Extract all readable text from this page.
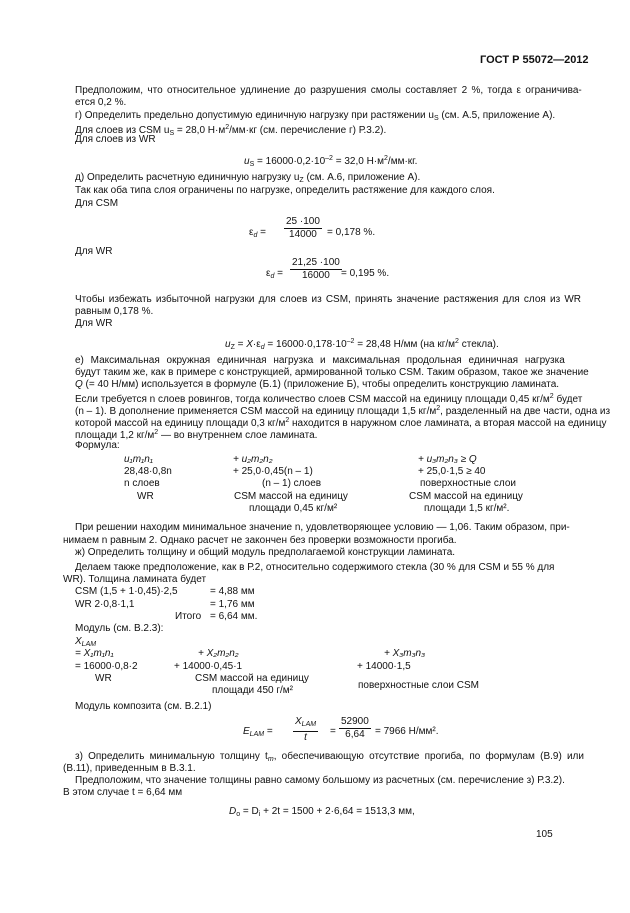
ГОСТ Р 55072—2012
Предположим, что относительное удлинение до разрушения смолы составляет 2 %, тогда ε ограничива-
ется 0,2 %.
г) Определить предельно допустимую единичную нагрузку при растяжении $u_S$ (см. А.5, приложение А).
Для слоев из CSM $u_S = 28,0$ $Н\cdot м^2/мм\cdot кг$ (см. перечисление г) Р.3.2).
Для слоев из WR
$u_S = 16000\cdot 0,2\cdot 10^{-2} = 32,0$ $Н\cdot м^2/мм\cdot кг$.
д) Определить расчетную единичную нагрузку $u_Z$ (см. А.6, приложение А).
Так как оба типа слоя ограничены по нагрузке, определить растяжение для каждого слоя.
Для CSM
$\varepsilon_d = \frac{25 \cdot 100}{14000} = 0,178$ %.
Для WR
$\varepsilon_d = \frac{21,25 \cdot 100}{16000} = 0,195$ %.
Чтобы избежать избыточной нагрузки для слоев из CSM, принять значение растяжения для слоя из WR
равным 0,178 %.
Для WR
$u_Z = X\cdot\varepsilon_d = 16000\cdot 0,178\cdot 10^{-2} = 28,48$ Н/мм (на $кг/м^2$ стекла).
е) Максимальная окружная единичная нагрузка и максимальная продольная единичная нагрузка
будут таким же, как в примере с конструкцией, армированной только CSM. Таким образом, такое же значение
Q (= 40 Н/мм) используется в формуле (Б.1) (приложение Б), чтобы определить конструкцию ламината.
Если требуется n слоев ровингов, тогда количество слоев CSM массой на единицу площади 0,45 $кг/м^2$ будет
(n – 1). В дополнение применяется CSM массой на единицу площади 1,5 $кг/м^2$, разделенный на две части, одна из
которой массой на единицу площади 0,3 $кг/м^2$ находится в наружном слое ламината, а вторая массой на единицу
площади 1,2 $кг/м^2$ — во внутреннем слое ламината.
Формула:
u₁m₁n₁	+ u₂m₂n₂	+ u₃m₂n₃ ≥ Q
28,48·0,8n	+ 25,0·0,45(n – 1)	+ 25,0·1,5 ≥ 40
n слоев	(n – 1) слоев	поверхностные слои
WR	CSM массой на единицу	CSM массой на единицу
площади 0,45 кг/м²	площади 1,5 кг/м².
При решении находим минимальное значение n, удовлетворяющее условию — 1,06. Таким образом, при-
нимаем n равным 2. Однако расчет не закончен без проверки возможности прогиба.
ж) Определить толщину и общий модуль предполагаемой конструкции ламината.
Делаем также предположение, как в Р.2, относительно содержимого стекла (30 % для CSM и 55 % для
WR). Толщина ламината будет
CSM (1,5 + 1·0,45)·2,5	= 4,88 мм
WR 2·0,8·1,1	= 1,76 мм
Итого = 6,64 мм.
Модуль (см. В.2.3):
$X_{LAM}$
= X₁m₁n₁	+ X₂m₂n₂	+ X₃m₃n₃
= 16000·0,8·2	+ 14000·0,45·1	+ 14000·1,5
WR	CSM массой на единицу
поверхностные слои CSM
площади 450 г/м²
Модуль композита (см. В.2.1)
$E_{LAM}$ =
$X_{LAM}$
t
= $\frac{52900}{6,64} = 7966$ Н/мм².
з) Определить минимальную толщину $t_m$, обеспечивающую отсутствие прогиба, по формулам (В.9) или
(В.11), приведенным в В.3.1.
Предположим, что значение толщины равно самому большому из расчетных (см. перечисление з) Р.3.2).
В этом случае t = 6,64 мм
$D_o = D_i + 2t = 1500 + 2\cdot 6,64 = 1513,3$ мм,
105
